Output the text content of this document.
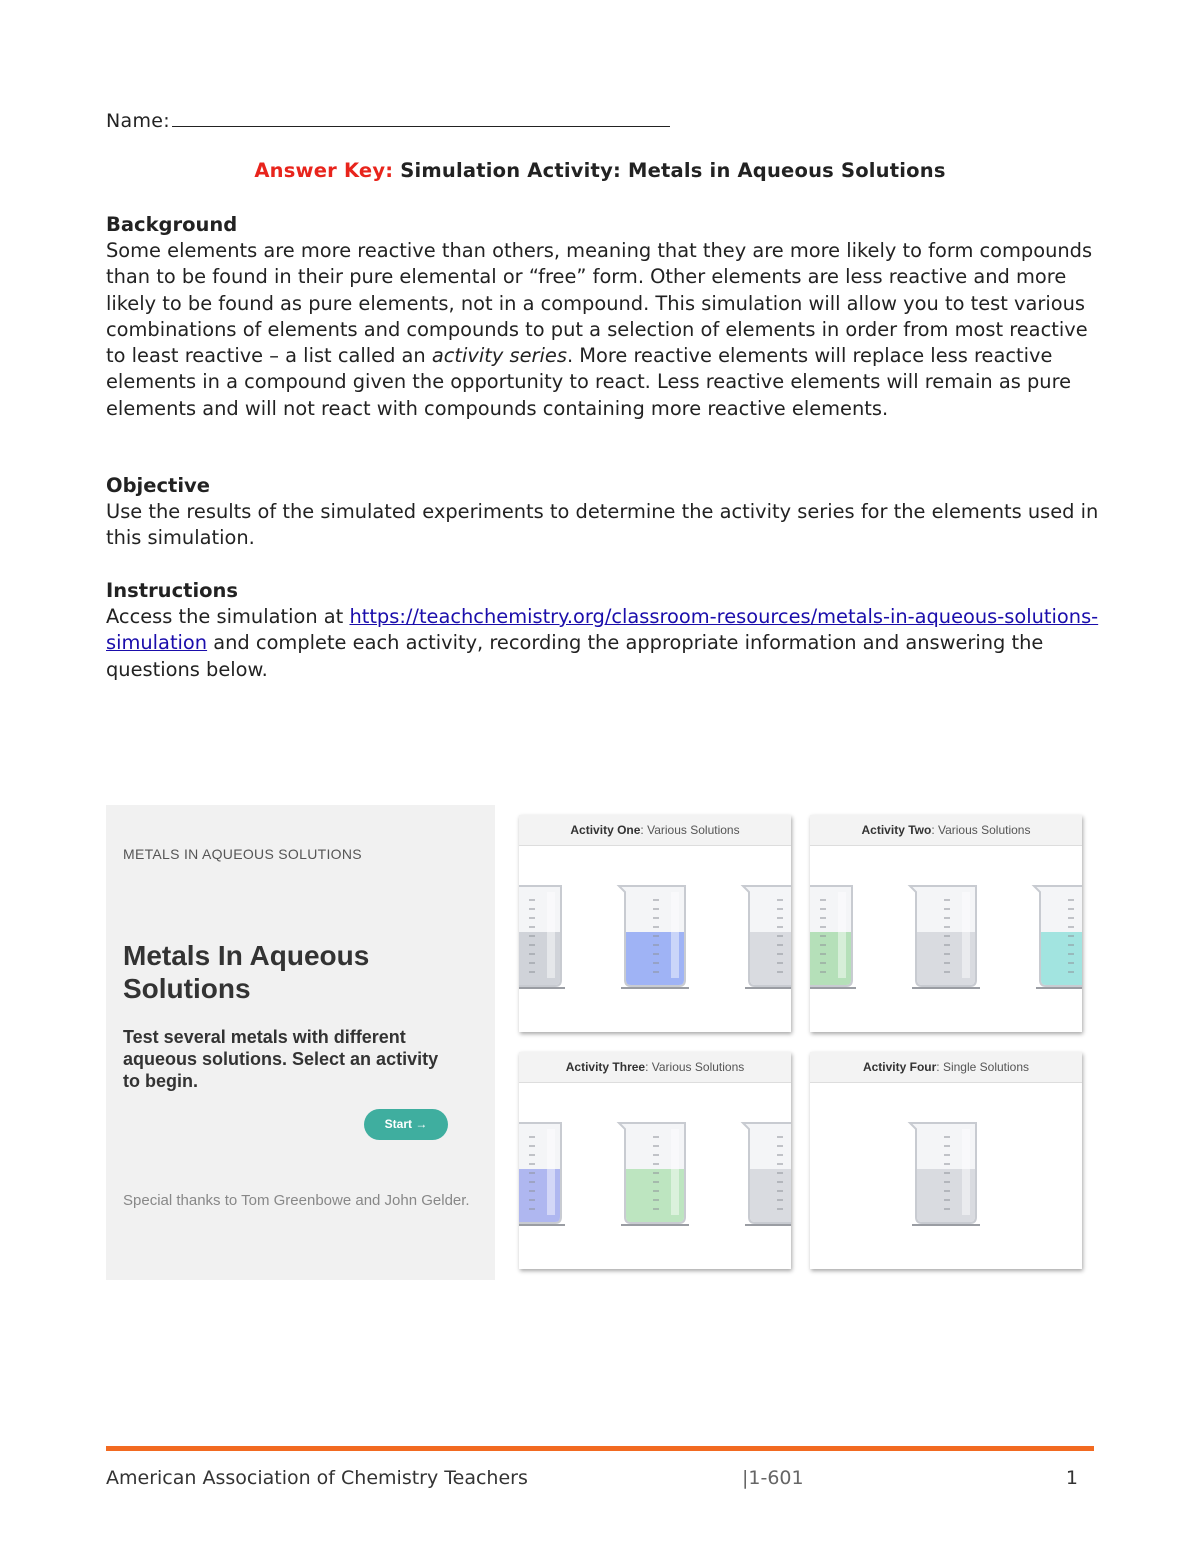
Name:
Answer Key: Simulation Activity: Metals in Aqueous Solutions
Background

Some elements are more reactive than others, meaning that they are more likely to form compounds than to be found in their pure elemental or “free” form. Other elements are less reactive and more likely to be found as pure elements, not in a compound. This simulation will allow you to test various combinations of elements and compounds to put a selection of elements in order from most reactive to least reactive – a list called an activity series. More reactive elements will replace less reactive elements in a compound given the opportunity to react. Less reactive elements will remain as pure elements and will not react with compounds containing more reactive elements.

Objective

Use the results of the simulated experiments to determine the activity series for the elements used in this simulation.

Instructions

Access the simulation at https://teachchemistry.org/classroom-resources/metals-in-aqueous-solutions-simulation and complete each activity, recording the appropriate information and answering the questions below.

METALS IN AQUEOUS SOLUTIONS
Metals In Aqueous Solutions
Test several metals with different aqueous solutions. Select an activity to begin.
Start →
Special thanks to Tom Greenbowe and John Gelder.
Activity One: Various Solutions	Activity Two: Various Solutions
Activity Three: Various Solutions	Activity Four: Single Solutions
American Association of Chemistry Teachers	|1-601	1
